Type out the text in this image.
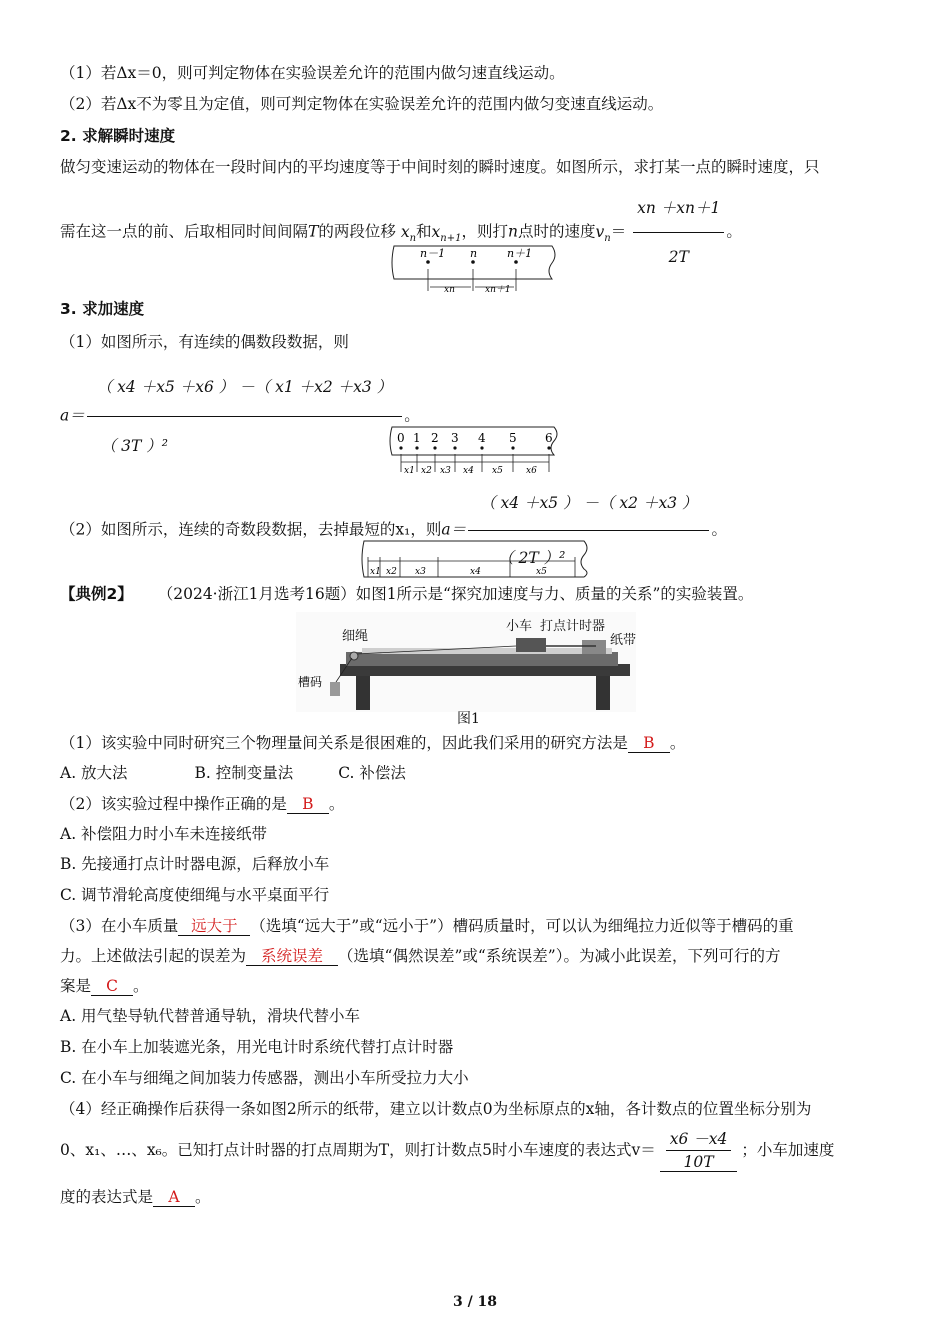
（1）若Δx＝0，则可判定物体在实验误差允许的范围内做匀速直线运动。
（2）若Δx不为零且为定值，则可判定物体在实验误差允许的范围内做匀变速直线运动。
2. 求解瞬时速度
做匀变速运动的物体在一段时间内的平均速度等于中间时刻的瞬时速度。如图所示，求打某一点的瞬时速度，只
需在这一点的前、后取相同时间间隔T的两段位移 $x_n$和$x_{n+1}$，则打n点时的速度$v_n= \frac{xn +xn+1}{2T}$ 。
n－1 n	n＋1
xn	xn＋1
3. 求加速度
（1）如图所示，有连续的偶数段数据，则
$a= \frac{( x4 +x5 +x6 ) -( x1 +x2 +x3 )}{\text{（ 3T ）²}}$ 。
0 1 2 3 4 5 6
x1 x2 x3 x4 x5	x6
（2）如图所示，连续的奇数段数据，去掉最短的x₁，则$a= \frac{( x4 +x5 ) -( x2 +x3 )}{\text{（ 2T ）²}}$ 。
x1 x2 x3	x4	x5
【典例2】 （2024·浙江1月选考16题）如图1所示是“探究加速度与力、质量的关系”的实验装置。
细绳
小车 打点计时器
纸带
槽码
图1
（1）该实验中同时研究三个物理量间关系是很困难的，因此我们采用的研究方法是 B 。
A. 放大法	B. 控制变量法	C. 补偿法
（2）该实验过程中操作正确的是 B 。
A. 补偿阻力时小车未连接纸带
B. 先接通打点计时器电源，后释放小车
C. 调节滑轮高度使细绳与水平桌面平行
（3）在小车质量 远大于 （选填“远大于”或“远小于”）槽码质量时，可以认为细绳拉力近似等于槽码的重
力。上述做法引起的误差为 系统误差 （选填“偶然误差”或“系统误差”）。为减小此误差，下列可行的方
案是 C 。
A. 用气垫导轨代替普通导轨，滑块代替小车
B. 在小车上加装遮光条，用光电计时系统代替打点计时器
C. 在小车与细绳之间加装力传感器，测出小车所受拉力大小
（4）经正确操作后获得一条如图2所示的纸带，建立以计数点0为坐标原点的x轴，各计数点的位置坐标分别为
0、x₁、…、x₆。已知打点计时器的打点周期为T，则打计数点5时小车速度的表达式$v= \frac{x6 -x4}{10T}$ ；小车加速度
度的表达式是 A 。
3 / 18
